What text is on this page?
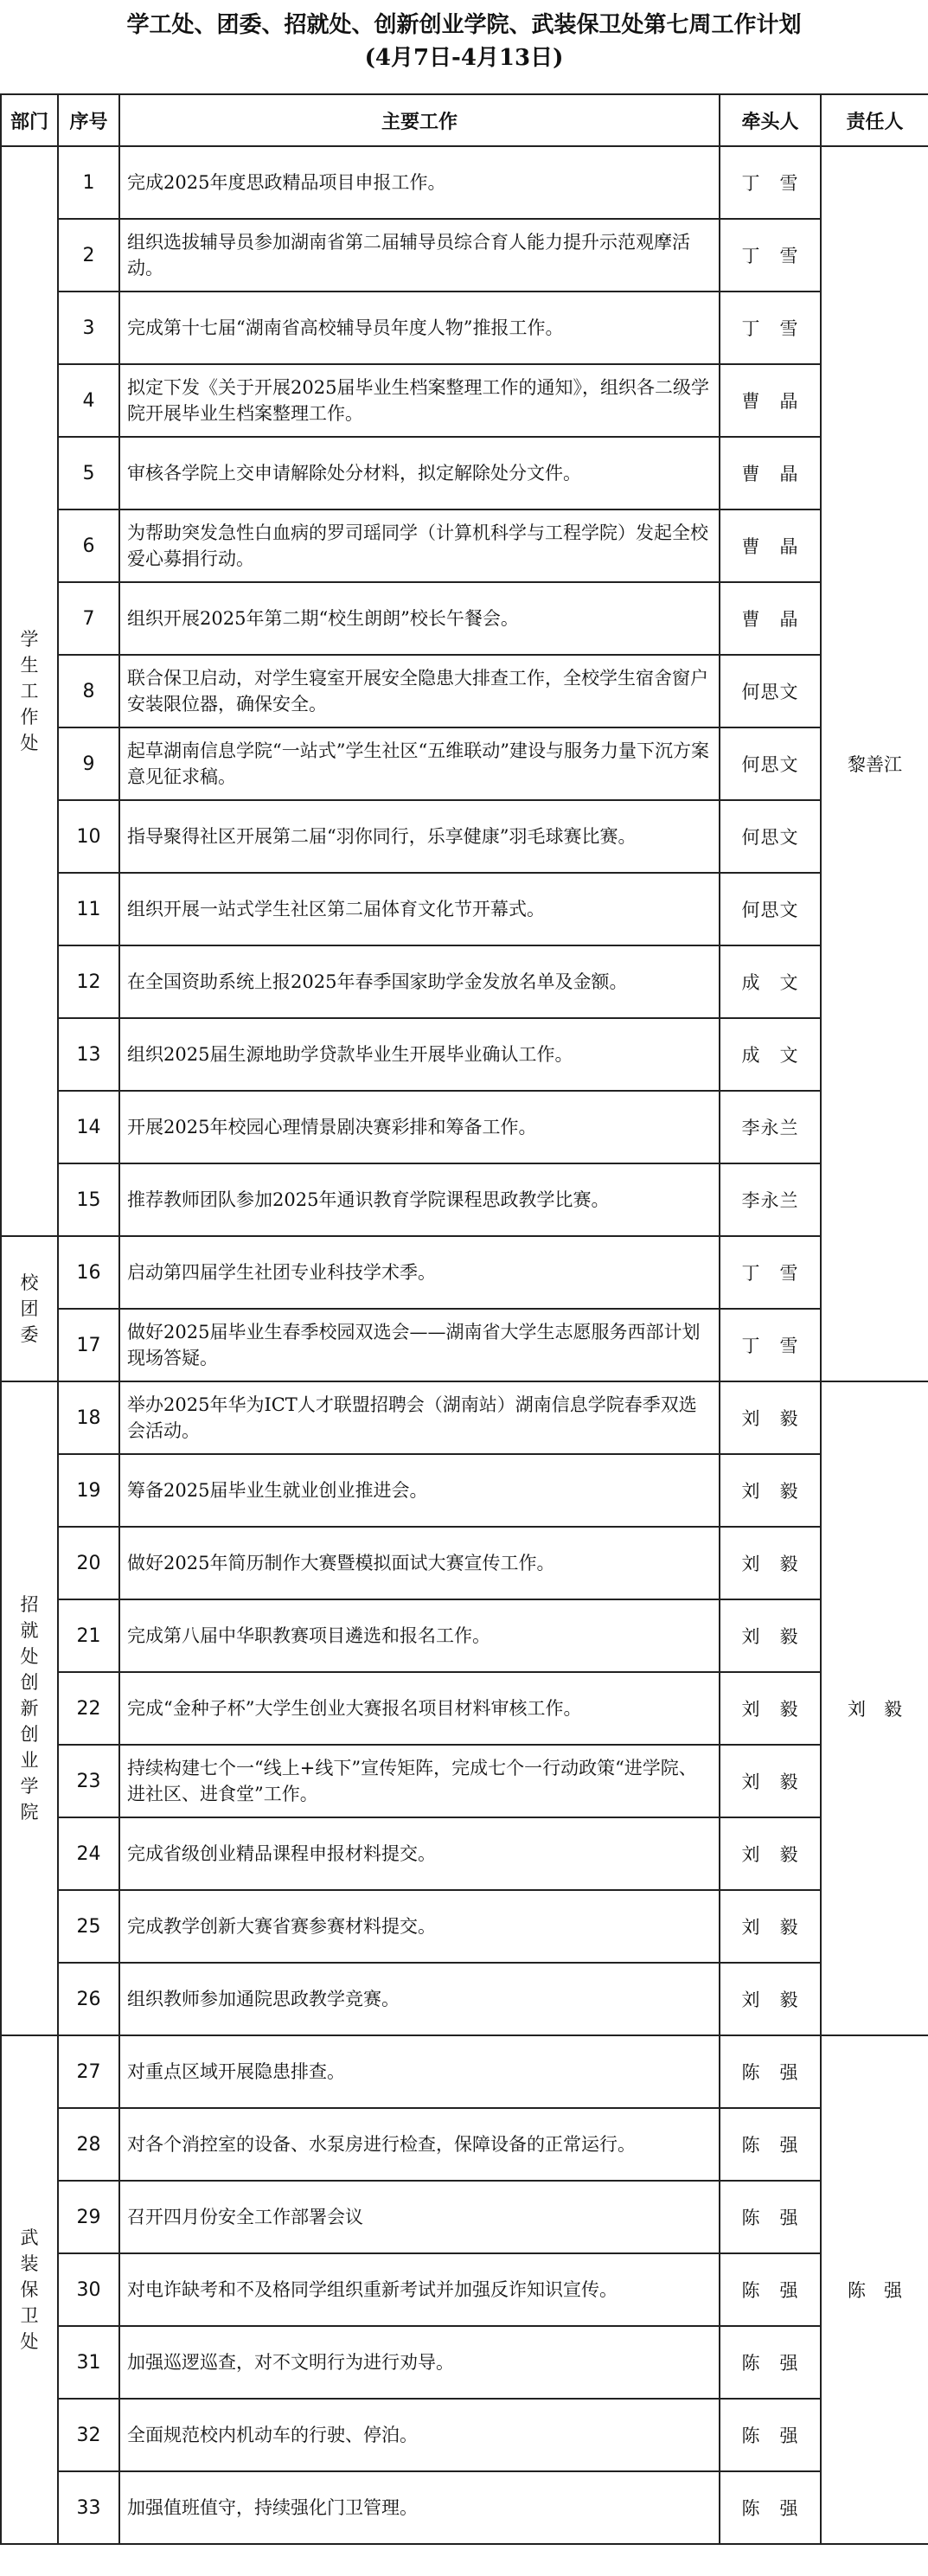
学工处、团委、招就处、创新创业学院、武装保卫处第七周工作计划
(4月7日-4月13日)
部门	序号	主要工作	牵头人	责任人
学生工作处	1	完成2025年度思政精品项目申报工作。	丁　雪	黎善江
	2	组织选拔辅导员参加湖南省第二届辅导员综合育人能力提升示范观摩活动。	丁　雪	
	3	完成第十七届“湖南省高校辅导员年度人物”推报工作。	丁　雪	
	4	拟定下发《关于开展2025届毕业生档案整理工作的通知》，组织各二级学院开展毕业生档案整理工作。	曹　晶	
	5	审核各学院上交申请解除处分材料，拟定解除处分文件。	曹　晶	
	6	为帮助突发急性白血病的罗司瑶同学（计算机科学与工程学院）发起全校爱心募捐行动。	曹　晶	
	7	组织开展2025年第二期“校生朗朗”校长午餐会。	曹　晶	
	8	联合保卫启动，对学生寝室开展安全隐患大排查工作，全校学生宿舍窗户安装限位器，确保安全。	何思文	
	9	起草湖南信息学院“一站式”学生社区“五维联动”建设与服务力量下沉方案意见征求稿。	何思文	
	10	指导聚得社区开展第二届“羽你同行，乐享健康”羽毛球赛比赛。	何思文	
	11	组织开展一站式学生社区第二届体育文化节开幕式。	何思文	
	12	在全国资助系统上报2025年春季国家助学金发放名单及金额。	成　文	
	13	组织2025届生源地助学贷款毕业生开展毕业确认工作。	成　文	
	14	开展2025年校园心理情景剧决赛彩排和筹备工作。	李永兰	
	15	推荐教师团队参加2025年通识教育学院课程思政教学比赛。	李永兰	
校团委	16	启动第四届学生社团专业科技学术季。	丁　雪	
	17	做好2025届毕业生春季校园双选会——湖南省大学生志愿服务西部计划现场答疑。	丁　雪	
招就处 创新创业学院	18	举办2025年华为ICT人才联盟招聘会（湖南站）湖南信息学院春季双选会活动。	刘　毅	刘　毅
	19	筹备2025届毕业生就业创业推进会。	刘　毅	
	20	做好2025年简历制作大赛暨模拟面试大赛宣传工作。	刘　毅	
	21	完成第八届中华职教赛项目遴选和报名工作。	刘　毅	
	22	完成“金种子杯”大学生创业大赛报名项目材料审核工作。	刘　毅	
	23	持续构建七个一“线上+线下”宣传矩阵，完成七个一行动政策“进学院、进社区、进食堂”工作。	刘　毅	
	24	完成省级创业精品课程申报材料提交。	刘　毅	
	25	完成教学创新大赛省赛参赛材料提交。	刘　毅	
	26	组织教师参加通院思政教学竞赛。	刘　毅	
武装保卫处	27	对重点区域开展隐患排查。	陈　强	陈　强
	28	对各个消控室的设备、水泵房进行检查，保障设备的正常运行。	陈　强	
	29	召开四月份安全工作部署会议	陈　强	
	30	对电诈缺考和不及格同学组织重新考试并加强反诈知识宣传。	陈　强	
	31	加强巡逻巡查，对不文明行为进行劝导。	陈　强	
	32	全面规范校内机动车的行驶、停泊。	陈　强	
	33	加强值班值守，持续强化门卫管理。	陈　强	
